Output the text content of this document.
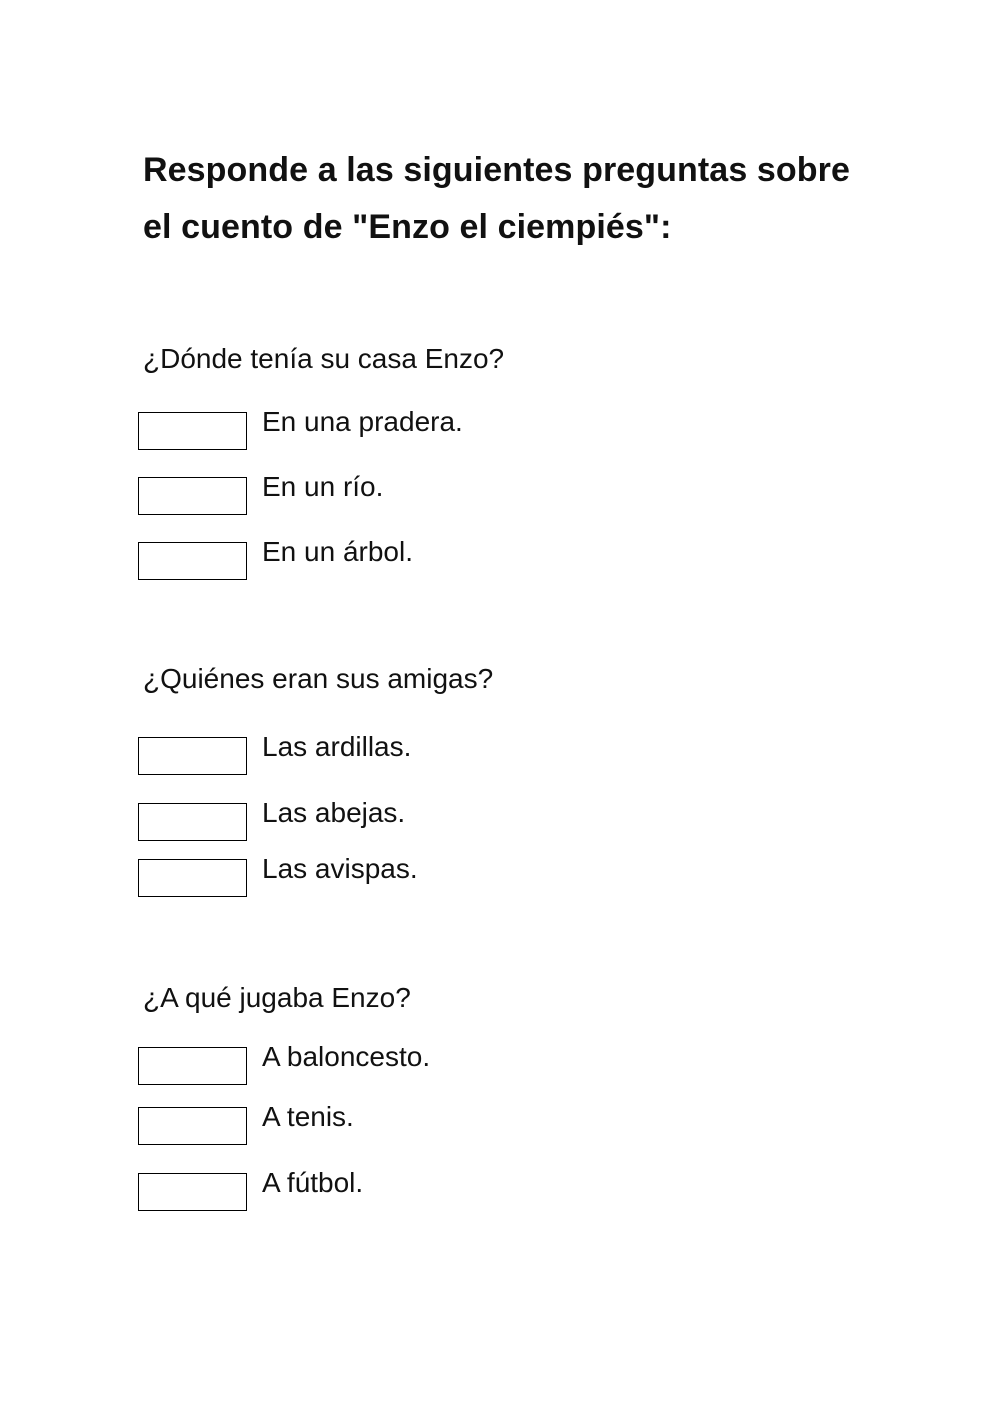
Responde a las siguientes preguntas sobre
el cuento de "Enzo el ciempiés":
¿Dónde tenía su casa Enzo?
En una pradera.
En un río.
En un árbol.
¿Quiénes eran sus amigas?
Las ardillas.
Las abejas.
Las avispas.
¿A qué jugaba Enzo?
A baloncesto.
A tenis.
A fútbol.
